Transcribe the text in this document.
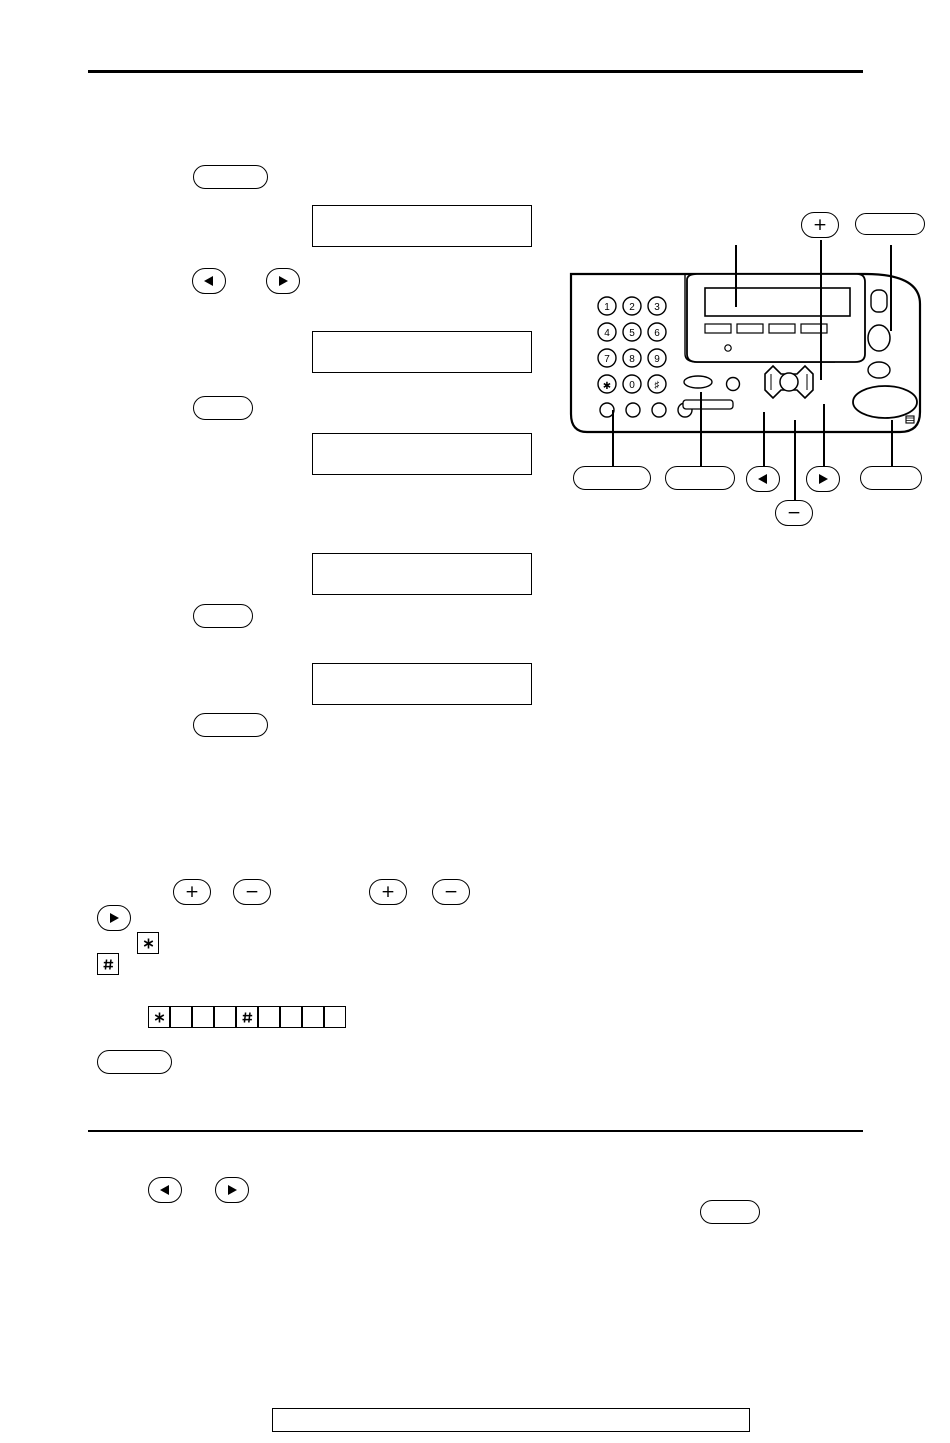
+	−	+	−
1 2 3
4 5 6
7 8 9
✱ 0 ♯
+
−
